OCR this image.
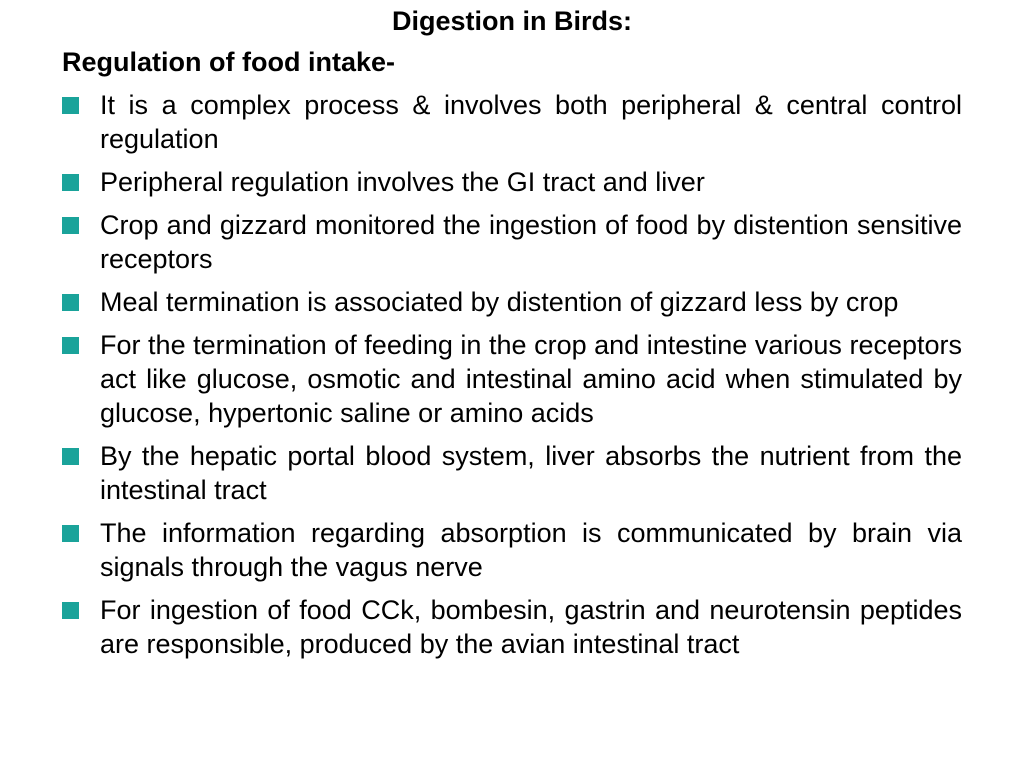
Digestion in Birds:
Regulation of food intake-
It is a complex process & involves both peripheral & central control regulation
Peripheral regulation involves the GI tract and liver
Crop and gizzard monitored the ingestion of food by distention sensitive receptors
Meal termination is associated by distention of gizzard less by crop
For the termination of feeding in the crop and intestine various receptors act like glucose, osmotic and intestinal amino acid when stimulated by glucose, hypertonic saline or amino acids
By the hepatic portal blood system, liver absorbs the nutrient from the intestinal tract
The information regarding absorption is communicated by brain via signals through the vagus nerve
For ingestion of food CCk, bombesin, gastrin and neurotensin peptides are responsible, produced by the avian intestinal tract
